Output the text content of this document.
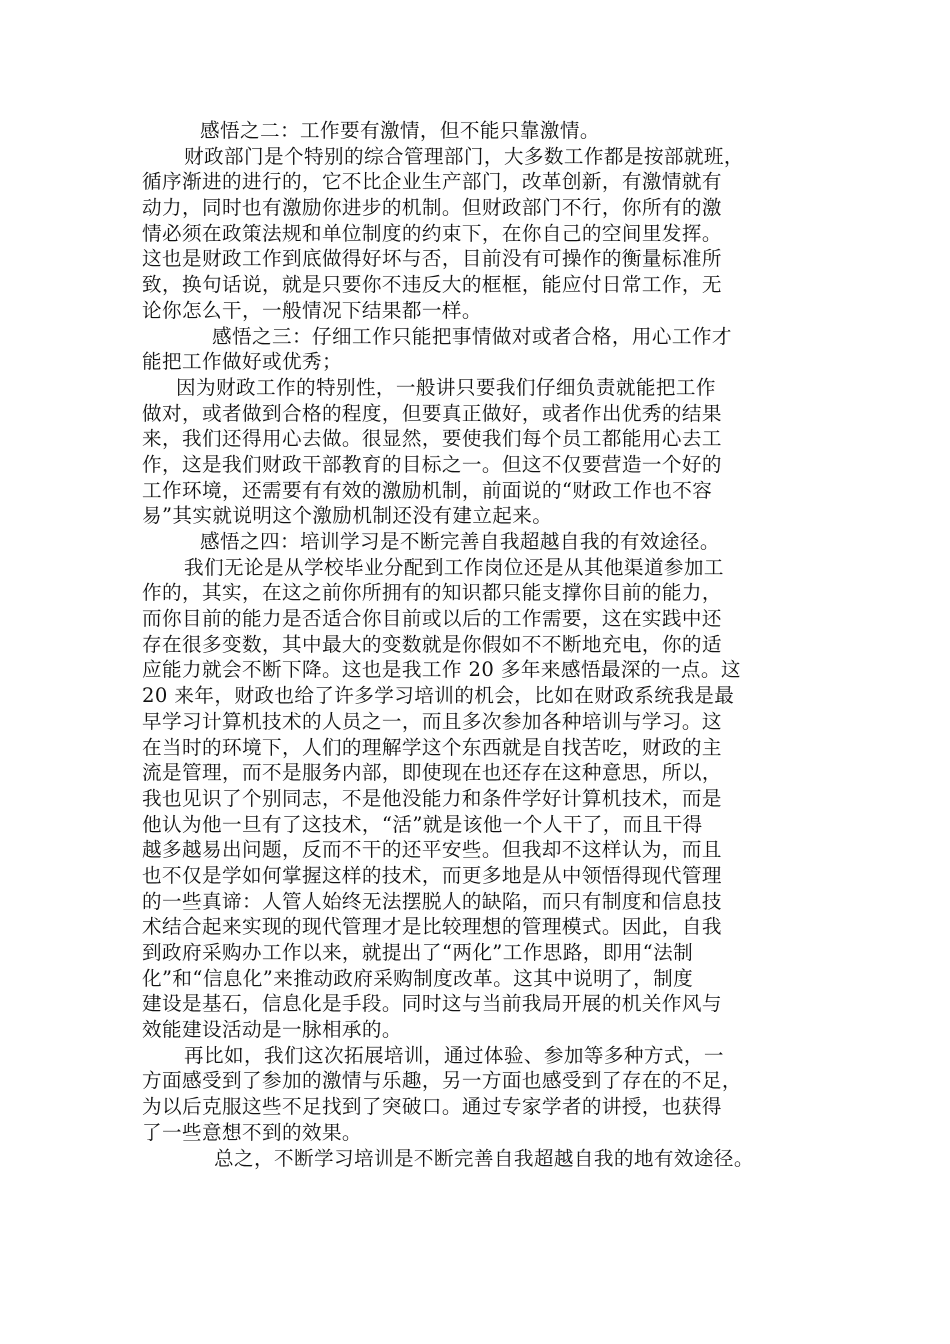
感悟之二：工作要有激情，但不能只靠激情。
财政部门是个特别的综合管理部门，大多数工作都是按部就班，
循序渐进的进行的，它不比企业生产部门，改革创新，有激情就有
动力，同时也有激励你进步的机制。但财政部门不行，你所有的激
情必须在政策法规和单位制度的约束下，在你自己的空间里发挥。
这也是财政工作到底做得好坏与否，目前没有可操作的衡量标准所
致，换句话说，就是只要你不违反大的框框，能应付日常工作，无
论你怎么干，一般情况下结果都一样。
感悟之三：仔细工作只能把事情做对或者合格，用心工作才
能把工作做好或优秀；
因为财政工作的特别性，一般讲只要我们仔细负责就能把工作
做对，或者做到合格的程度，但要真正做好，或者作出优秀的结果
来，我们还得用心去做。很显然，要使我们每个员工都能用心去工
作，这是我们财政干部教育的目标之一。但这不仅要营造一个好的
工作环境，还需要有有效的激励机制，前面说的“财政工作也不容
易”其实就说明这个激励机制还没有建立起来。
感悟之四：培训学习是不断完善自我超越自我的有效途径。
我们无论是从学校毕业分配到工作岗位还是从其他渠道参加工
作的，其实，在这之前你所拥有的知识都只能支撑你目前的能力，
而你目前的能力是否适合你目前或以后的工作需要，这在实践中还
存在很多变数，其中最大的变数就是你假如不不断地充电，你的适
应能力就会不断下降。这也是我工作 20 多年来感悟最深的一点。这
20 来年，财政也给了许多学习培训的机会，比如在财政系统我是最
早学习计算机技术的人员之一，而且多次参加各种培训与学习。这
在当时的环境下，人们的理解学这个东西就是自找苦吃，财政的主
流是管理，而不是服务内部，即使现在也还存在这种意思，所以，
我也见识了个别同志，不是他没能力和条件学好计算机技术，而是
他认为他一旦有了这技术，“活”就是该他一个人干了，而且干得
越多越易出问题，反而不干的还平安些。但我却不这样认为，而且
也不仅是学如何掌握这样的技术，而更多地是从中领悟得现代管理
的一些真谛：人管人始终无法摆脱人的缺陷，而只有制度和信息技
术结合起来实现的现代管理才是比较理想的管理模式。因此，自我
到政府采购办工作以来，就提出了“两化”工作思路，即用“法制
化”和“信息化”来推动政府采购制度改革。这其中说明了，制度
建设是基石，信息化是手段。同时这与当前我局开展的机关作风与
效能建设活动是一脉相承的。
再比如，我们这次拓展培训，通过体验、参加等多种方式，一
方面感受到了参加的激情与乐趣，另一方面也感受到了存在的不足，
为以后克服这些不足找到了突破口。通过专家学者的讲授，也获得
了一些意想不到的效果。
总之，不断学习培训是不断完善自我超越自我的地有效途径。
